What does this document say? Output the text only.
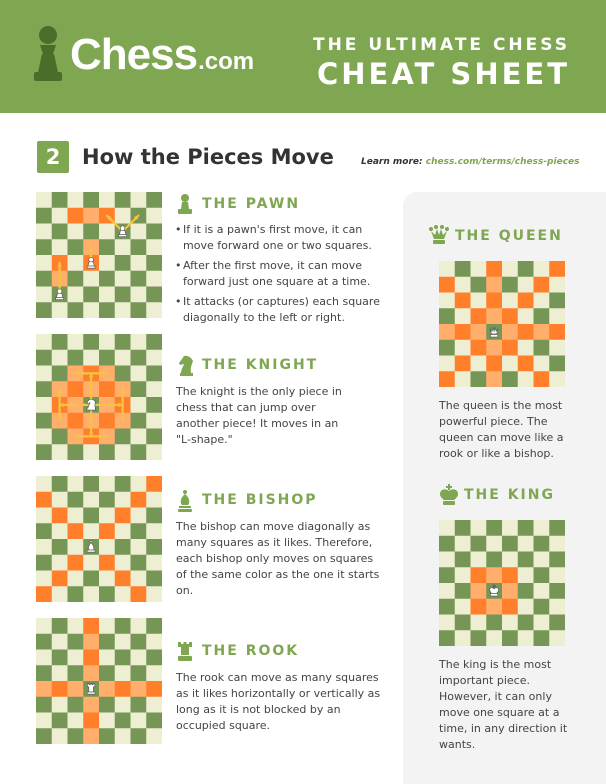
Chess .com
THE ULTIMATE CHESS
CHEAT SHEET
2	How the Pieces Move	Learn more: chess.com/terms/chess-pieces
THE PAWN
• If it is a pawn's first move, it can move forward one or two squares.
• After the first move, it can move forward just one square at a time.
• It attacks (or captures) each square diagonally to the left or right.
THE KNIGHT
The knight is the only piece in chess that can jump over another piece! It moves in an "L-shape."
THE BISHOP
The bishop can move diagonally as many squares as it likes. Therefore, each bishop only moves on squares of the same color as the one it starts on.
THE ROOK
The rook can move as many squares as it likes horizontally or vertically as long as it is not blocked by an occupied square.
THE QUEEN
The queen is the most powerful piece. The queen can move like a rook or like a bishop.
THE KING
The king is the most important piece. However, it can only move one square at a time, in any direction it wants.
